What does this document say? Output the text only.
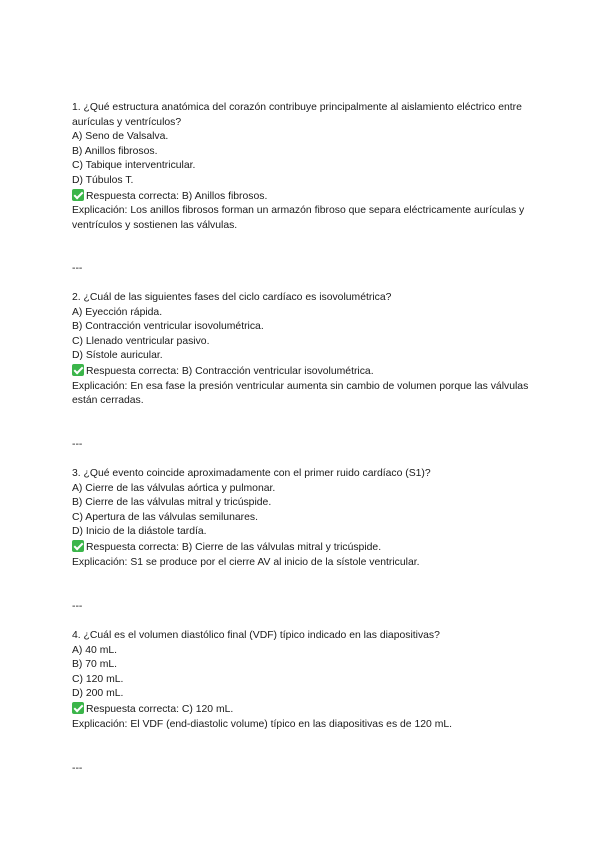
1. ¿Qué estructura anatómica del corazón contribuye principalmente al aislamiento eléctrico entre aurículas y ventrículos?
A) Seno de Valsalva.
B) Anillos fibrosos.
C) Tabique interventricular.
D) Túbulos T.
Respuesta correcta: B) Anillos fibrosos.
Explicación: Los anillos fibrosos forman un armazón fibroso que separa eléctricamente aurículas y ventrículos y sostienen las válvulas.
---
2. ¿Cuál de las siguientes fases del ciclo cardíaco es isovolumétrica?
A) Eyección rápida.
B) Contracción ventricular isovolumétrica.
C) Llenado ventricular pasivo.
D) Sístole auricular.
Respuesta correcta: B) Contracción ventricular isovolumétrica.
Explicación: En esa fase la presión ventricular aumenta sin cambio de volumen porque las válvulas están cerradas.
---
3. ¿Qué evento coincide aproximadamente con el primer ruido cardíaco (S1)?
A) Cierre de las válvulas aórtica y pulmonar.
B) Cierre de las válvulas mitral y tricúspide.
C) Apertura de las válvulas semilunares.
D) Inicio de la diástole tardía.
Respuesta correcta: B) Cierre de las válvulas mitral y tricúspide.
Explicación: S1 se produce por el cierre AV al inicio de la sístole ventricular.
---
4. ¿Cuál es el volumen diastólico final (VDF) típico indicado en las diapositivas?
A) 40 mL.
B) 70 mL.
C) 120 mL.
D) 200 mL.
Respuesta correcta: C) 120 mL.
Explicación: El VDF (end-diastolic volume) típico en las diapositivas es de 120 mL.
---
